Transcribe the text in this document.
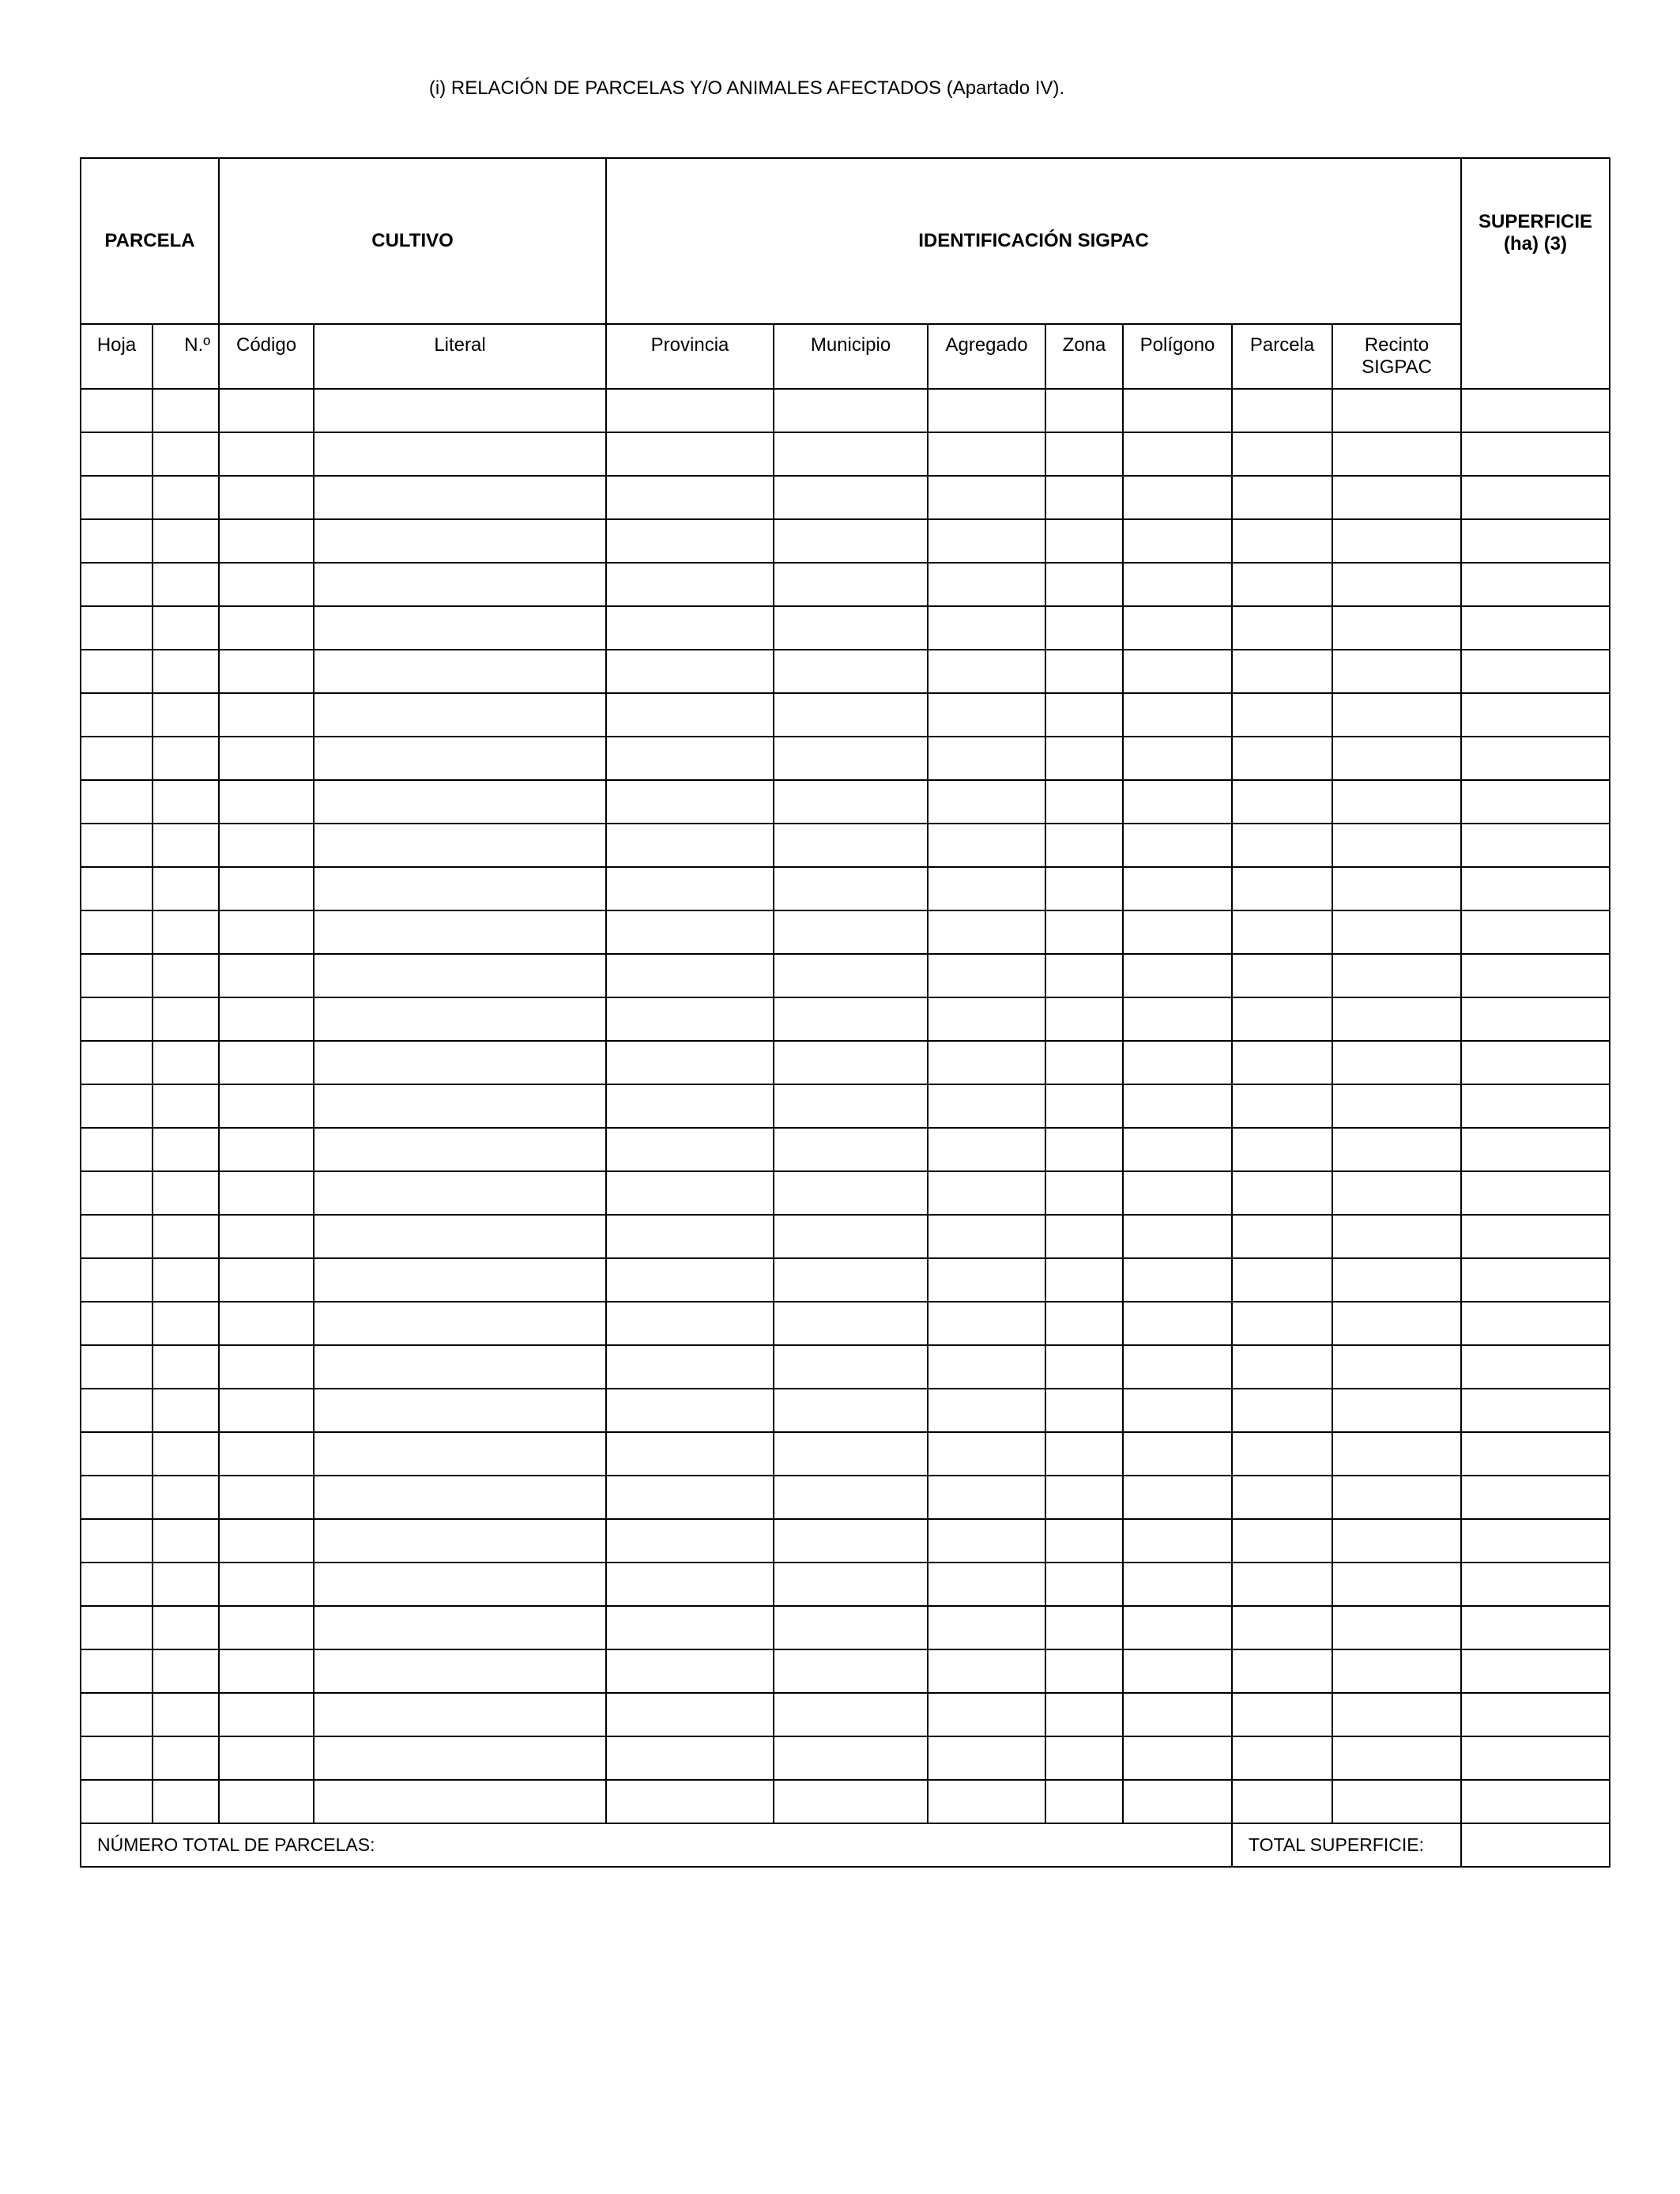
(i) RELACIÓN DE PARCELAS Y/O ANIMALES AFECTADOS (Apartado IV).
PARCELA		CULTIVO		IDENTIFICACIÓN SIGPAC							SUPERFICIE
(ha) (3)
Hoja	N.º	Código	Literal	Provincia	Municipio	Agregado	Zona	Polígono	Parcela	Recinto
SIGPAC	

NÚMERO TOTAL DE PARCELAS:									TOTAL SUPERFICIE:		
